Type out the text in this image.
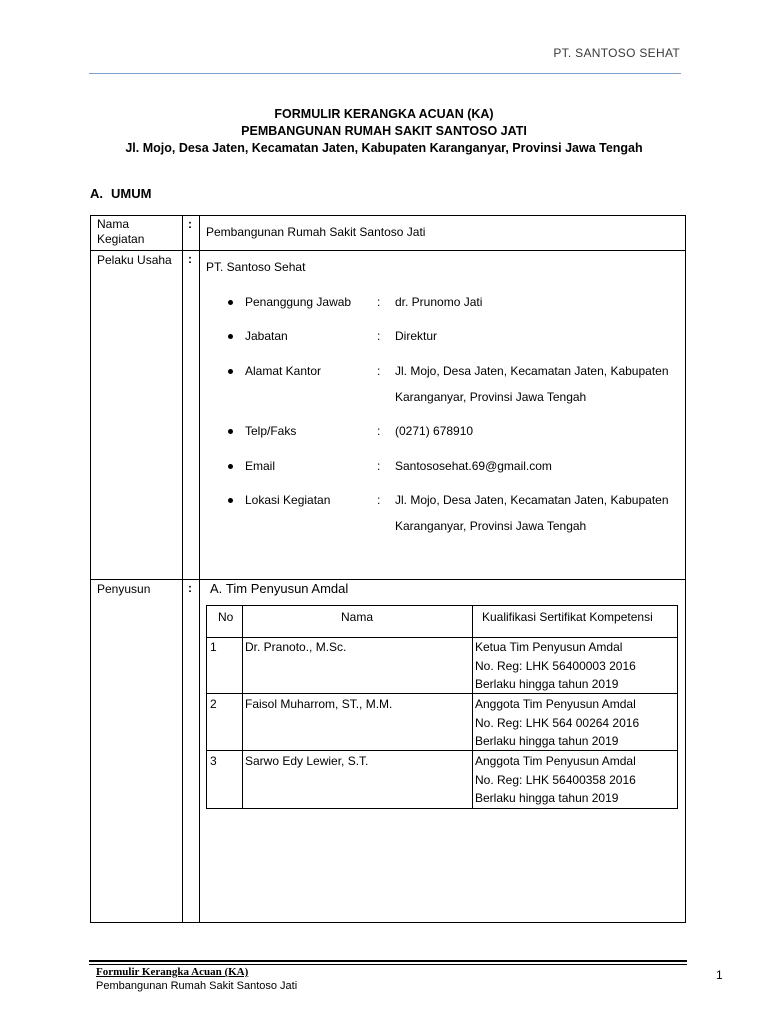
PT. SANTOSO SEHAT
FORMULIR KERANGKA ACUAN (KA)
PEMBANGUNAN RUMAH SAKIT SANTOSO JATI
Jl. Mojo, Desa Jaten, Kecamatan Jaten, Kabupaten Karanganyar, Provinsi Jawa Tengah
A. UMUM
Nama
Kegiatan
:
Pembangunan Rumah Sakit Santoso Jati
Pelaku Usaha :
PT. Santoso Sehat
Penanggung Jawab : dr. Prunomo Jati
Jabatan	: Direktur
Alamat Kantor	: Jl. Mojo, Desa Jaten, Kecamatan Jaten, Kabupaten Karanganyar, Provinsi Jawa Tengah
Telp/Faks	: (0271) 678910
Email	: Santososehat.69@gmail.com
Lokasi Kegiatan	: Jl. Mojo, Desa Jaten, Kecamatan Jaten, Kabupaten Karanganyar, Provinsi Jawa Tengah
Penyusun	: A. Tim Penyusun Amdal
No	Nama	Kualifikasi Sertifikat Kompetensi
1 Dr. Pranoto., M.Sc.	Ketua Tim Penyusun Amdal
No. Reg: LHK 56400003 2016
Berlaku hingga tahun 2019
2 Faisol Muharrom, ST., M.M.	Anggota Tim Penyusun Amdal
No. Reg: LHK 564 00264 2016
Berlaku hingga tahun 2019
3 Sarwo Edy Lewier, S.T.	Anggota Tim Penyusun Amdal
No. Reg: LHK 56400358 2016
Berlaku hingga tahun 2019
Formulir Kerangka Acuan (KA)
Pembangunan Rumah Sakit Santoso Jati
1
